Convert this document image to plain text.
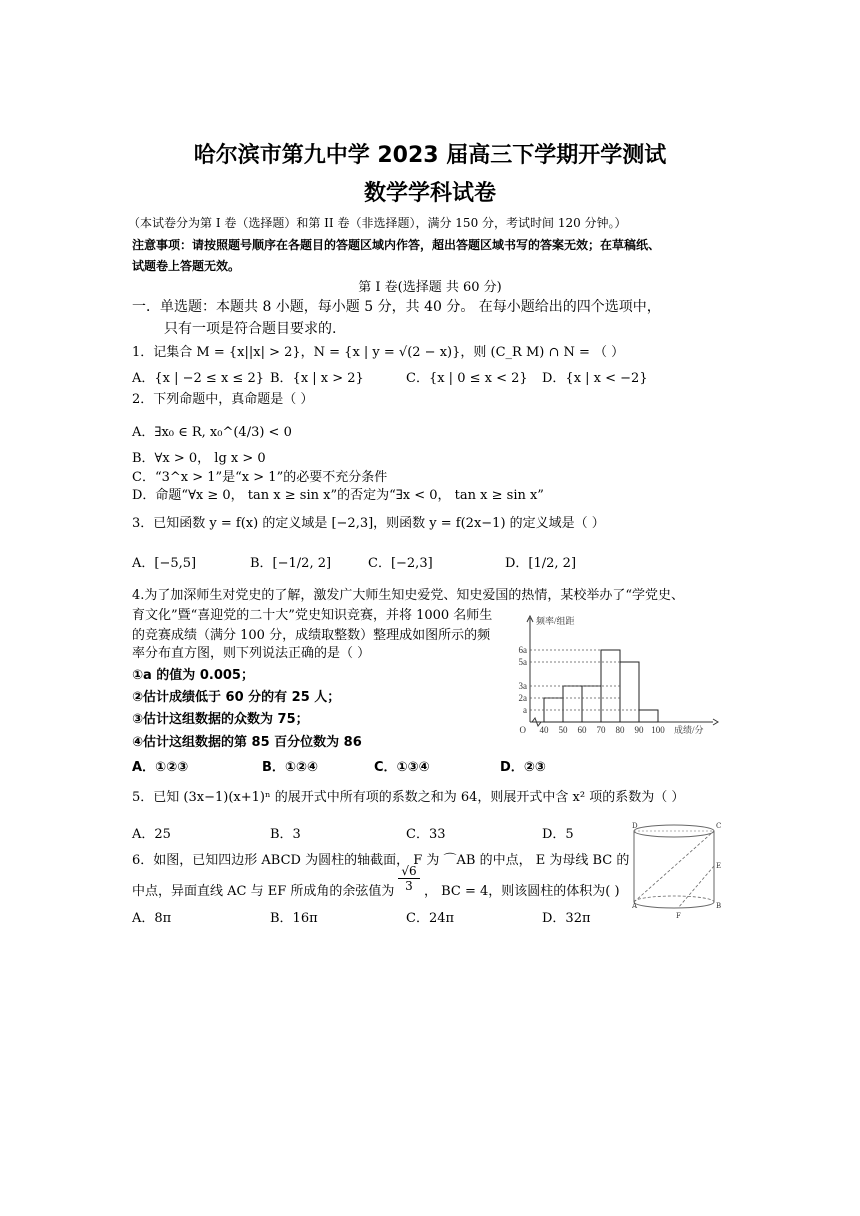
哈尔滨市第九中学 2023 届高三下学期开学测试
数学学科试卷
（本试卷分为第 I 卷（选择题）和第 II 卷（非选择题），满分 150 分，考试时间 120 分钟。）
注意事项：请按照题号顺序在各题目的答题区域内作答，超出答题区域书写的答案无效；在草稿纸、
试题卷上答题无效。
第 I 卷(选择题 共 60 分)
一．单选题：本题共 8 小题，每小题 5 分，共 40 分。 在每小题给出的四个选项中，
只有一项是符合题目要求的.
1．记集合 M = {x||x| > 2}，N = {x | y = √(2 − x)}，则 (C_R M) ∩ N = （ ）
A．{x | −2 ≤ x ≤ 2} B．{x | x > 2}	C．{x | 0 ≤ x < 2} D．{x | x < −2}
2．下列命题中，真命题是（ ）
A．∃x₀ ∈ R, x₀^(4/3) < 0
B．∀x > 0， lg x > 0
C．“3^x > 1”是“x > 1”的必要不充分条件
D．命题“∀x ≥ 0， tan x ≥ sin x”的否定为“∃x < 0， tan x ≥ sin x”
3．已知函数 y = f(x) 的定义域是 [−2,3]，则函数 y = f(2x−1) 的定义域是（ ）
A．[−5,5]	B．[−1/2, 2]	C．[−2,3]	D．[1/2, 2]
4.为了加深师生对党史的了解，激发广大师生知史爱党、知史爱国的热情，某校举办了“学党史、
育文化”暨“喜迎党的二十大”党史知识竞赛，并将 1000 名师生
的竞赛成绩（满分 100 分，成绩取整数）整理成如图所示的频
率分布直方图，则下列说法正确的是（ ）
①a 的值为 0.005；
②估计成绩低于 60 分的有 25 人；
③估计这组数据的众数为 75；
④估计这组数据的第 85 百分位数为 86
A．①②③	B．①②④	C．①③④	D．②③
a
2a
3a
5a
6a
40 50 60 70 80 90 100
O	成绩/分
频率/组距
5．已知 (3x−1)(x+1)ⁿ 的展开式中所有项的系数之和为 64，则展开式中含 x² 项的系数为（ ）
A．25	B．3	C．33	D．5
6．如图，已知四边形 ABCD 为圆柱的轴截面， F 为 ⌒AB 的中点， E 为母线 BC 的
中点，异面直线 AC 与 EF 所成角的余弦值为 $\frac{√6}{3}$ ， BC = 4，则该圆柱的体积为( )
A．8π	B．16π	C．24π	D．32π
D	C
E
A	B
F
